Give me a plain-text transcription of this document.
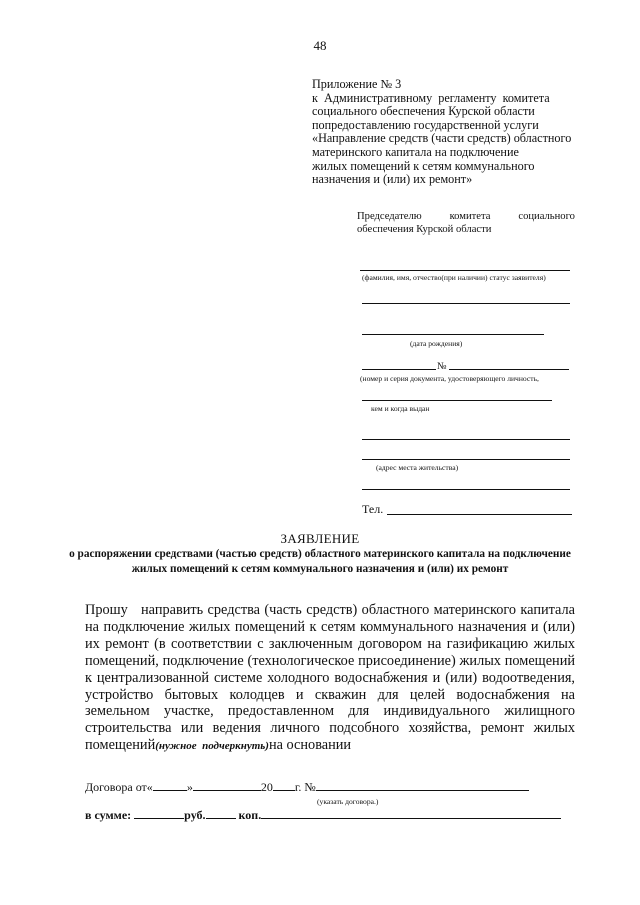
48
Приложение № 3
к  Административному  регламенту  комитета
социального обеспечения Курской области
попредоставлению государственной услуги
«Направление средств (части средств) областного
материнского капитала на подключение
жилых помещений к сетям коммунального
назначения и (или) их ремонт»
Председателю	комитета	социального
обеспечения Курской области
(фамилия, имя, отчество(при наличии) статус заявителя)
(дата рождения)
№
(номер и серия документа, удостоверяющего личность,
кем и когда выдан
(адрес места жительства)
Тел.
ЗАЯВЛЕНИЕ
о распоряжении средствами (частью средств) областного материнского капитала на подключение жилых помещений к сетям коммунального назначения и (или) их ремонт
Прошу   направить средства (часть средств) областного материнского капитала   на подключение жилых помещений к сетям коммунального назначения и (или) их ремонт (в соответствии с заключенным договором на газификацию жилых помещений, подключение (технологическое присоединение) жилых помещений к централизованной системе холодного водоснабжения и (или) водоотведения, устройство бытовых колодцев и скважин для целей водоснабжения на земельном участке, предоставленном для индивидуального жилищного строительства или ведения личного подсобного хозяйства, ремонт жилых помещений(нужное  подчеркнуть)на основании
Договора от«	»	20 г. №
(указать договора.)
в сумме:	руб.	коп.
